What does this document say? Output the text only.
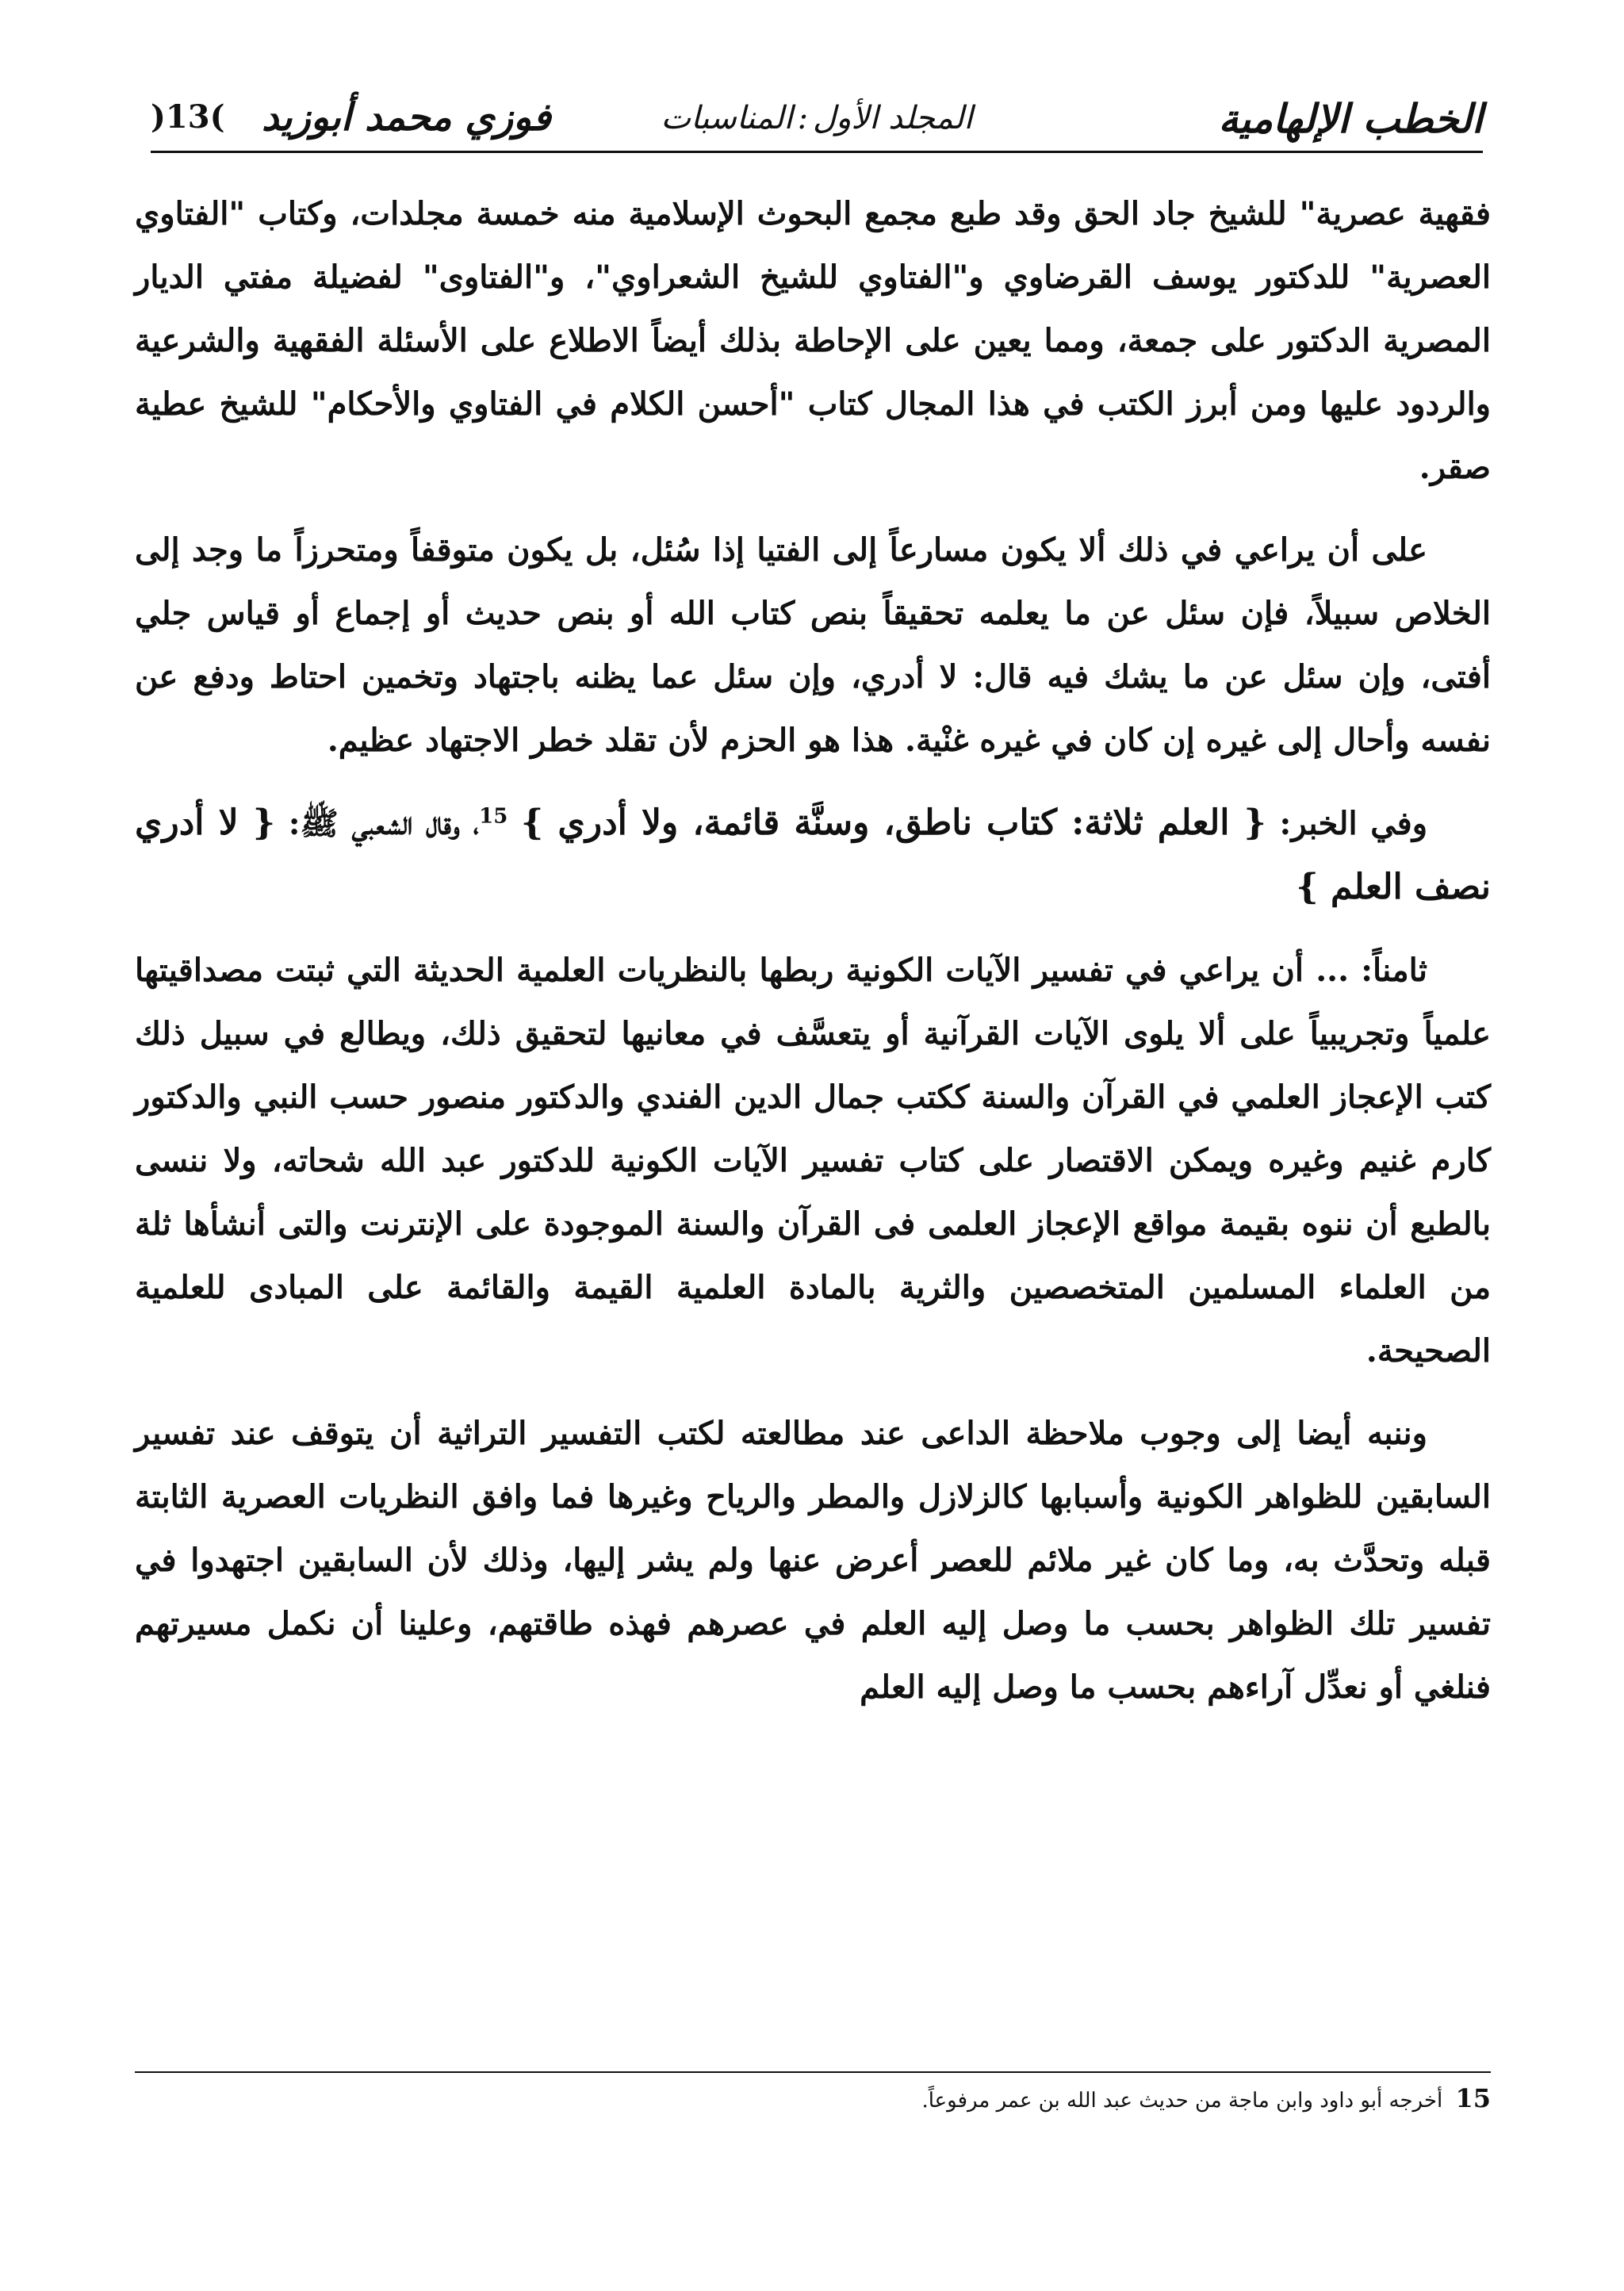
الخطب الإلهامية
المجلد الأول:المناسبات
فوزي محمد أبوزيد
)13(

فقهية عصرية" للشيخ جاد الحق وقد طبع مجمع البحوث الإسلامية منه خمسة مجلدات، وكتاب "الفتاوي العصرية" للدكتور يوسف القرضاوي و"الفتاوي للشيخ الشعراوي"، و"الفتاوى" لفضيلة مفتي الديار المصرية الدكتور على جمعة، ومما يعين على الإحاطة بذلك أيضاً الاطلاع على الأسئلة الفقهية والشرعية والردود عليها ومن أبرز الكتب في هذا المجال كتاب "أحسن الكلام في الفتاوي والأحكام" للشيخ عطية صقر.

على أن يراعي في ذلك ألا يكون مسارعاً إلى الفتيا إذا سُئل، بل يكون متوقفاً ومتحرزاً ما وجد إلى الخلاص سبيلاً، فإن سئل عن ما يعلمه تحقيقاً بنص كتاب الله أو بنص حديث أو إجماع أو قياس جلي أفتى، وإن سئل عن ما يشك فيه قال: لا أدري، وإن سئل عما يظنه باجتهاد وتخمين احتاط ودفع عن نفسه وأحال إلى غيره إن كان في غيره غنْية. هذا هو الحزم لأن تقلد خطر الاجتهاد عظيم.

وفي الخبر: { العلم ثلاثة: كتاب ناطق، وسنَّة قائمة، ولا أدري } $^{15}$، وقال الشعبي ﷺ: { لا أدري نصف العلم }

ثامناً: ... أن يراعي في تفسير الآيات الكونية ربطها بالنظريات العلمية الحديثة التي ثبتت مصداقيتها علمياً وتجريبياً على ألا يلوى الآيات القرآنية أو يتعسَّف في معانيها لتحقيق ذلك، ويطالع في سبيل ذلك كتب الإعجاز العلمي في القرآن والسنة ككتب جمال الدين الفندي والدكتور منصور حسب النبي والدكتور كارم غنيم وغيره ويمكن الاقتصار على كتاب تفسير الآيات الكونية للدكتور عبد الله شحاته، ولا ننسى بالطبع أن ننوه بقيمة مواقع الإعجاز العلمى فى القرآن والسنة الموجودة على الإنترنت والتى أنشأها ثلة من العلماء المسلمين المتخصصين والثرية بالمادة العلمية القيمة والقائمة على المبادى للعلمية الصحيحة.

وننبه أيضا إلى وجوب ملاحظة الداعى عند مطالعته لكتب التفسير التراثية أن يتوقف عند تفسير السابقين للظواهر الكونية وأسبابها كالزلازل والمطر والرياح وغيرها فما وافق النظريات العصرية الثابتة قبله وتحدَّث به، وما كان غير ملائم للعصر أعرض عنها ولم يشر إليها، وذلك لأن السابقين اجتهدوا في تفسير تلك الظواهر بحسب ما وصل إليه العلم في عصرهم فهذه طاقتهم، وعلينا أن نكمل مسيرتهم فنلغي أو نعدِّل آراءهم بحسب ما وصل إليه العلم

15 أخرجه أبو داود وابن ماجة من حديث عبد الله بن عمر مرفوعاً.
